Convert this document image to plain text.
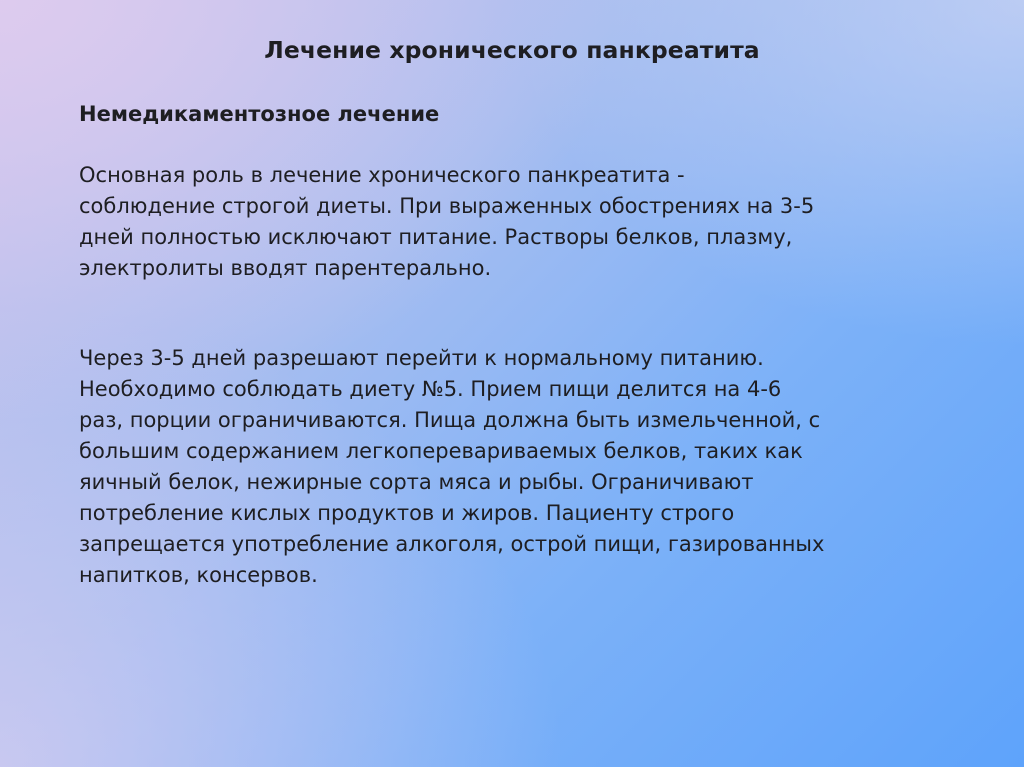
Лечение хронического панкреатита
Немедикаментозное лечение
Основная роль в лечение хронического панкреатита -
соблюдение строгой диеты. При выраженных обострениях на 3-5
дней полностью исключают питание. Растворы белков, плазму,
электролиты вводят парентерально.
Через 3-5 дней разрешают перейти к нормальному питанию.
Необходимо соблюдать диету №5. Прием пищи делится на 4-6
раз, порции ограничиваются. Пища должна быть измельченной, с
большим содержанием легкоперевариваемых белков, таких как
яичный белок, нежирные сорта мяса и рыбы. Ограничивают
потребление кислых продуктов и жиров. Пациенту строго
запрещается употребление алкоголя, острой пищи, газированных
напитков, консервов.
